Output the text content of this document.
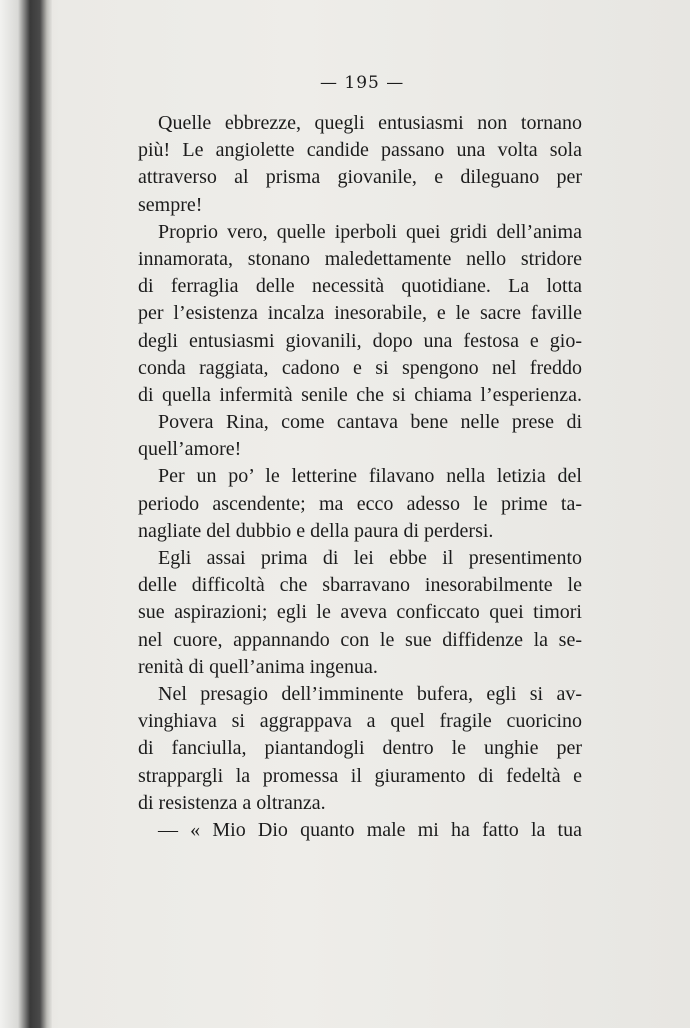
— 195 —

Quelle ebbrezze, quegli entusiasmi non tornano
più! Le angiolette candide passano una volta sola
attraverso al prisma giovanile, e dileguano per
sempre!
Proprio vero, quelle iperboli quei gridi dell’anima
innamorata, stonano maledettamente nello stridore
di ferraglia delle necessità quotidiane. La lotta
per l’esistenza incalza inesorabile, e le sacre faville
degli entusiasmi giovanili, dopo una festosa e gio-
conda raggiata, cadono e si spengono nel freddo
di quella infermità senile che si chiama l’esperienza.
Povera Rina, come cantava bene nelle prese di
quell’amore!
Per un po’ le letterine filavano nella letizia del
periodo ascendente; ma ecco adesso le prime ta-
nagliate del dubbio e della paura di perdersi.
Egli assai prima di lei ebbe il presentimento
delle difficoltà che sbarravano inesorabilmente le
sue aspirazioni; egli le aveva conficcato quei timori
nel cuore, appannando con le sue diffidenze la se-
renità di quell’anima ingenua.
Nel presagio dell’imminente bufera, egli si av-
vinghiava si aggrappava a quel fragile cuoricino
di fanciulla, piantandogli dentro le unghie per
strappargli la promessa il giuramento di fedeltà e
di resistenza a oltranza.
— « Mio Dio quanto male mi ha fatto la tua
